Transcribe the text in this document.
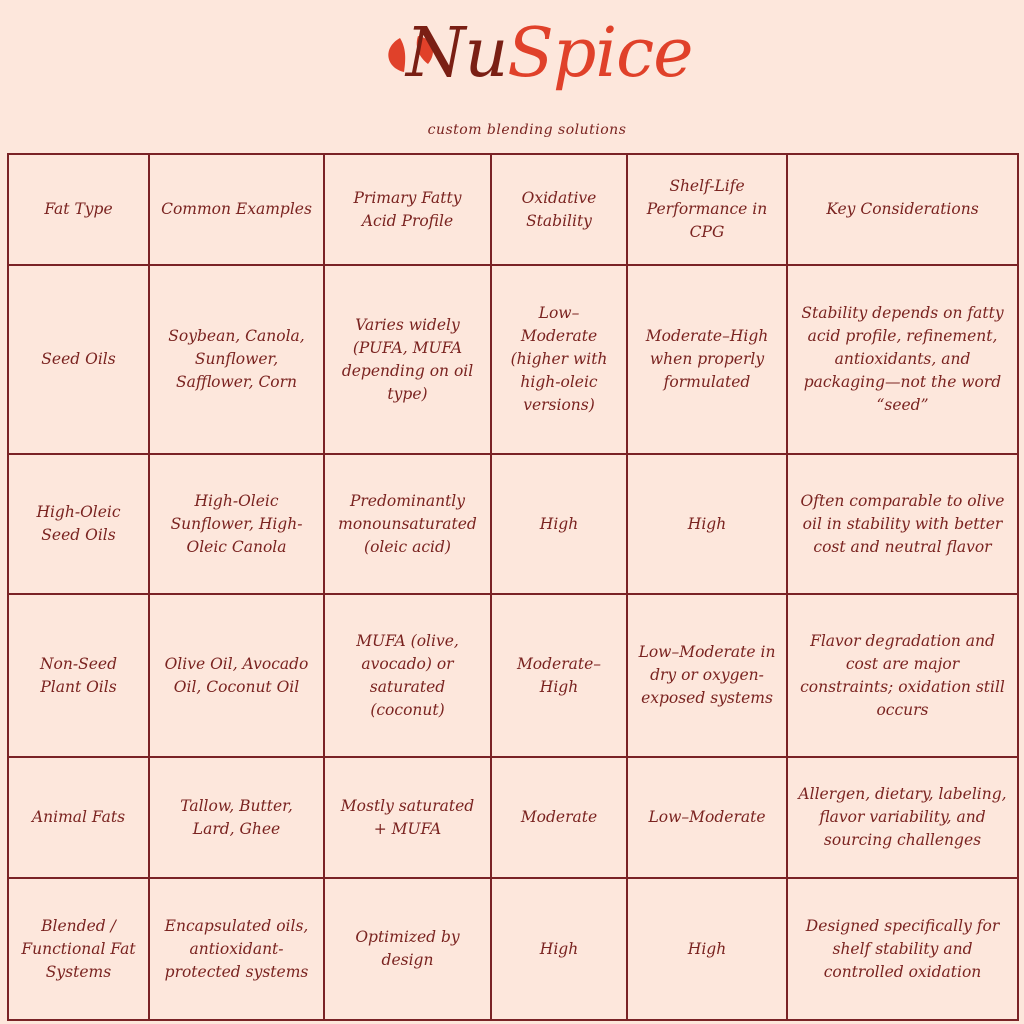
NuSpice
custom blending solutions
Fat Type	Common Examples	Primary Fatty Acid Profile	Oxidative Stability	Shelf-Life Performance in CPG	Key Considerations
Seed Oils	Soybean, Canola, Sunflower, Safflower, Corn	Varies widely (PUFA, MUFA depending on oil type)	Low–Moderate (higher with high-oleic versions)	Moderate–High when properly formulated	Stability depends on fatty acid profile, refinement, antioxidants, and packaging—not the word “seed”
High-Oleic Seed Oils	High-Oleic Sunflower, High-Oleic Canola	Predominantly monounsaturated (oleic acid)	High	High	Often comparable to olive oil in stability with better cost and neutral flavor
Non-Seed Plant Oils	Olive Oil, Avocado Oil, Coconut Oil	MUFA (olive, avocado) or saturated (coconut)	Moderate–High	Low–Moderate in dry or oxygen-exposed systems	Flavor degradation and cost are major constraints; oxidation still occurs
Animal Fats	Tallow, Butter, Lard, Ghee	Mostly saturated + MUFA	Moderate	Low–Moderate	Allergen, dietary, labeling, flavor variability, and sourcing challenges
Blended / Functional Fat Systems	Encapsulated oils, antioxidant-protected systems	Optimized by design	High	High	Designed specifically for shelf stability and controlled oxidation
